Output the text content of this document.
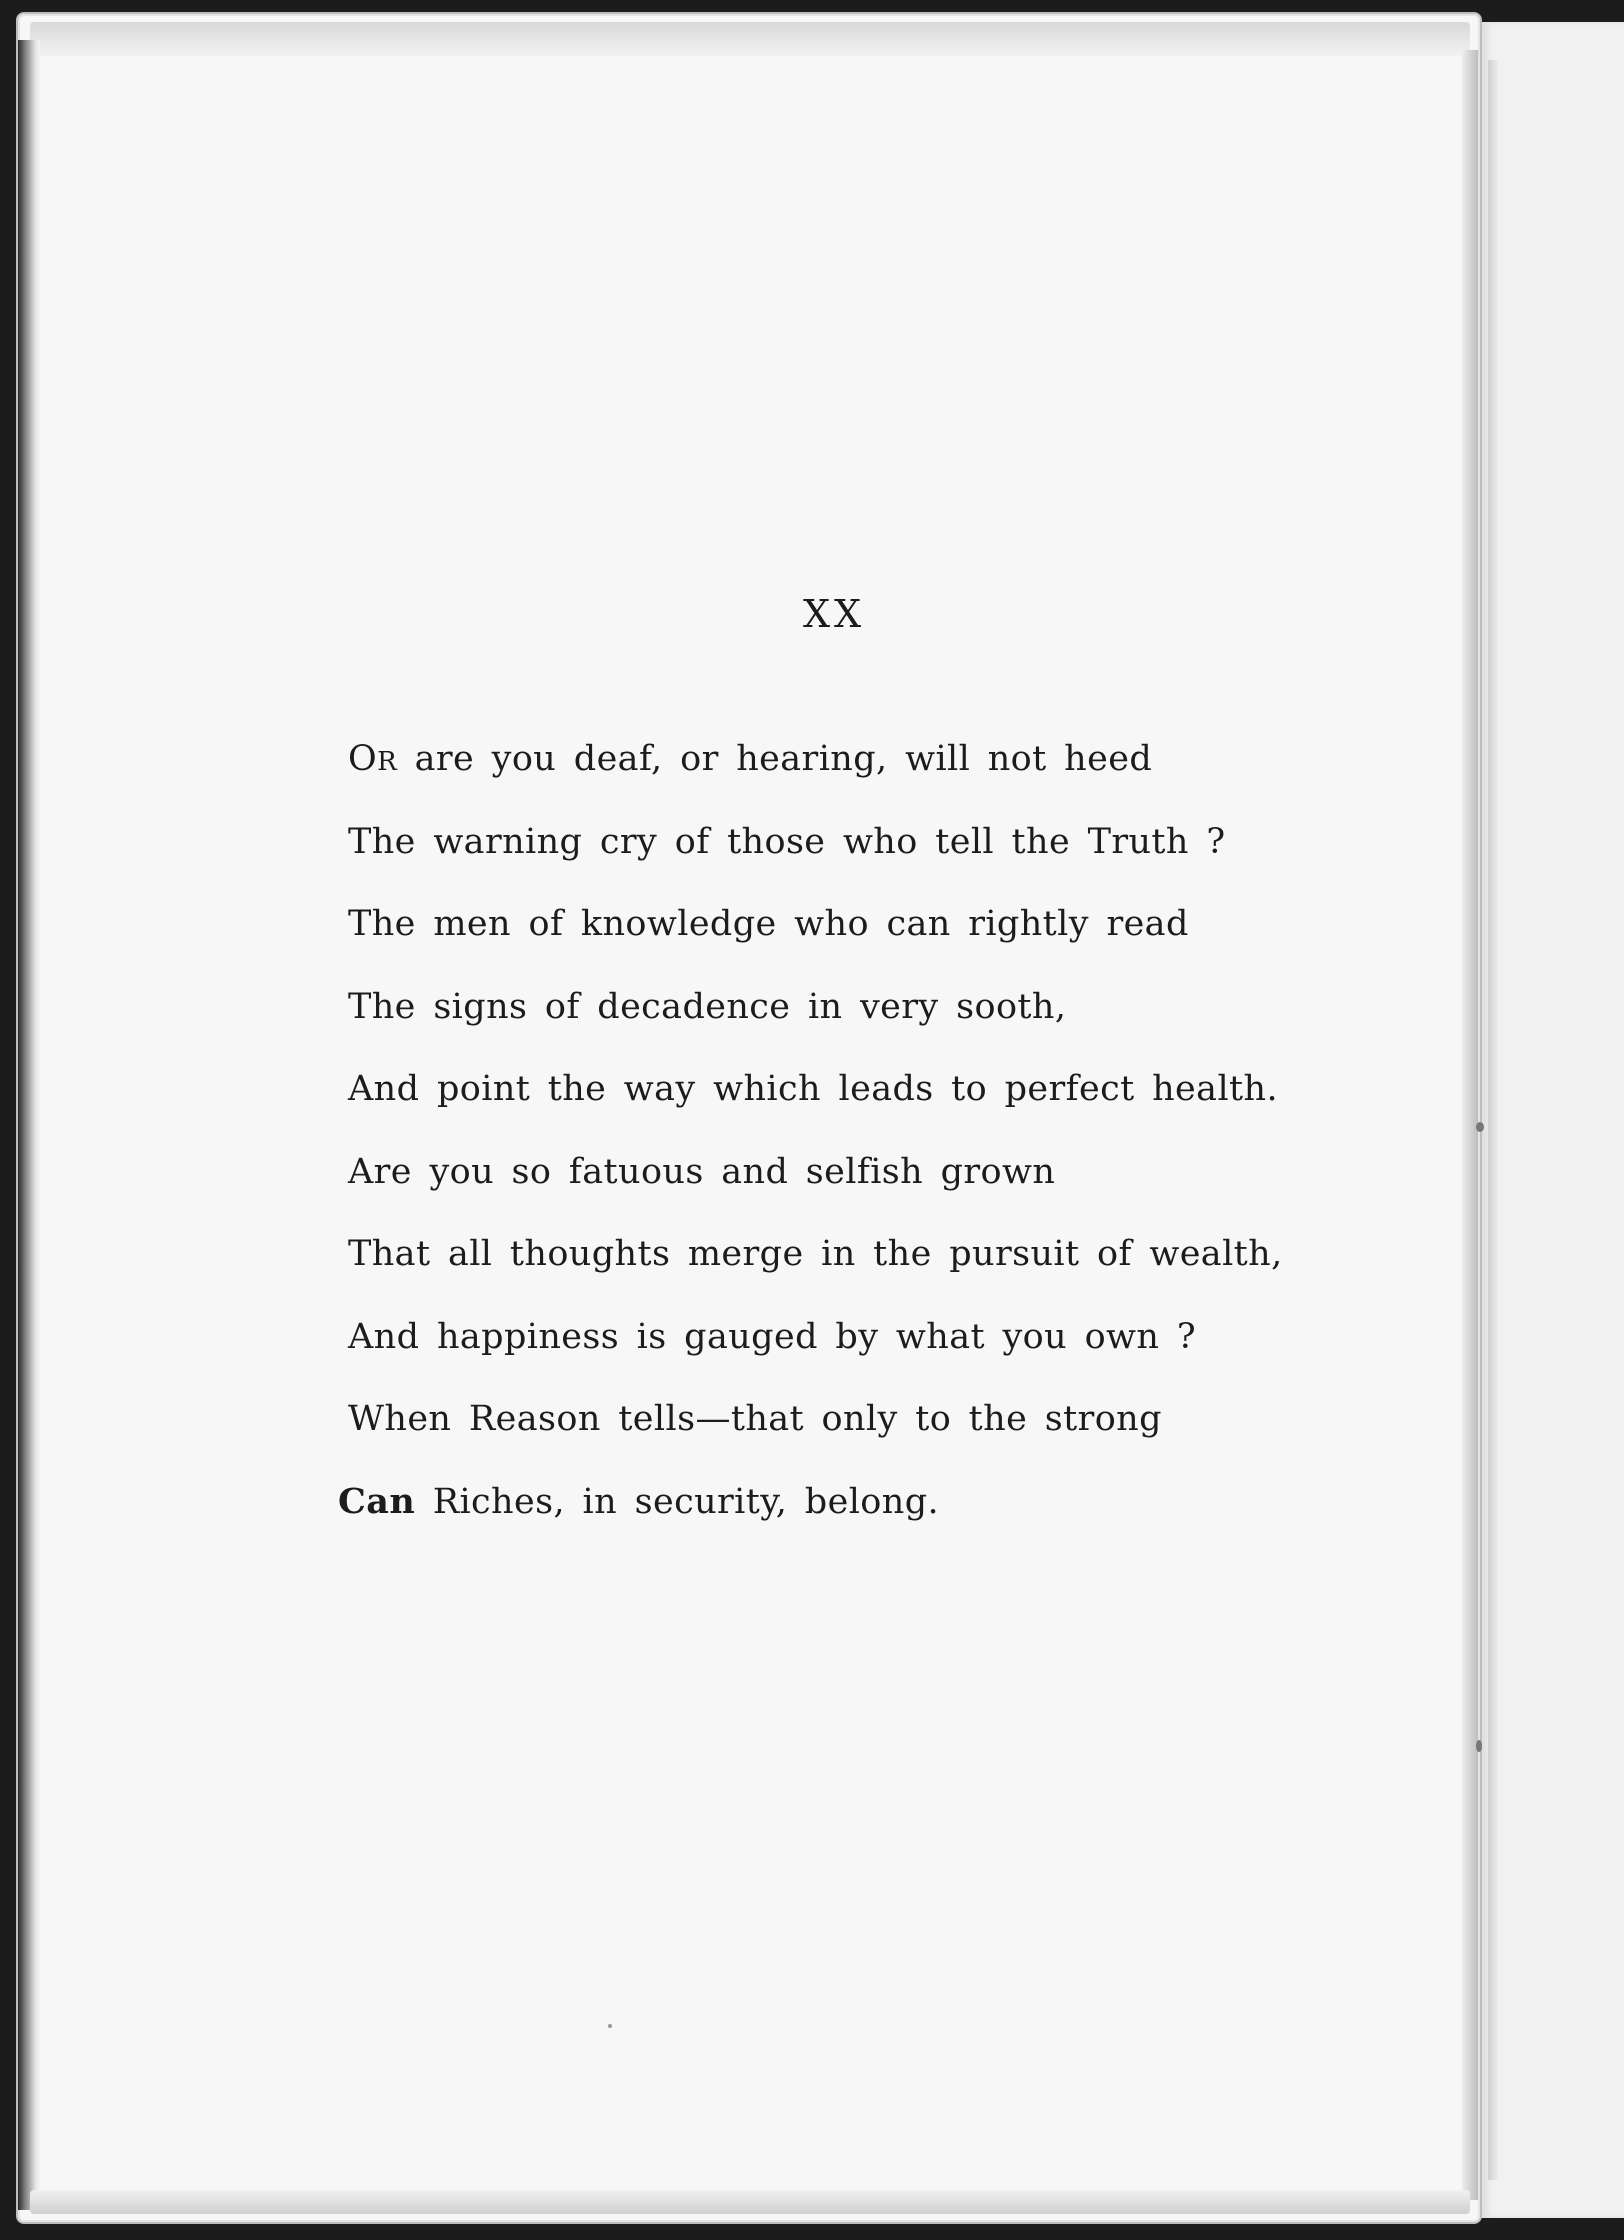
XX
OR are you deaf, or hearing, will not heed
The warning cry of those who tell the Truth ?
The men of knowledge who can rightly read
The signs of decadence in very sooth,
And point the way which leads to perfect health.
Are you so fatuous and selfish grown
That all thoughts merge in the pursuit of wealth,
And happiness is gauged by what you own ?
When Reason tells—that only to the strong
Can Riches, in security, belong.
